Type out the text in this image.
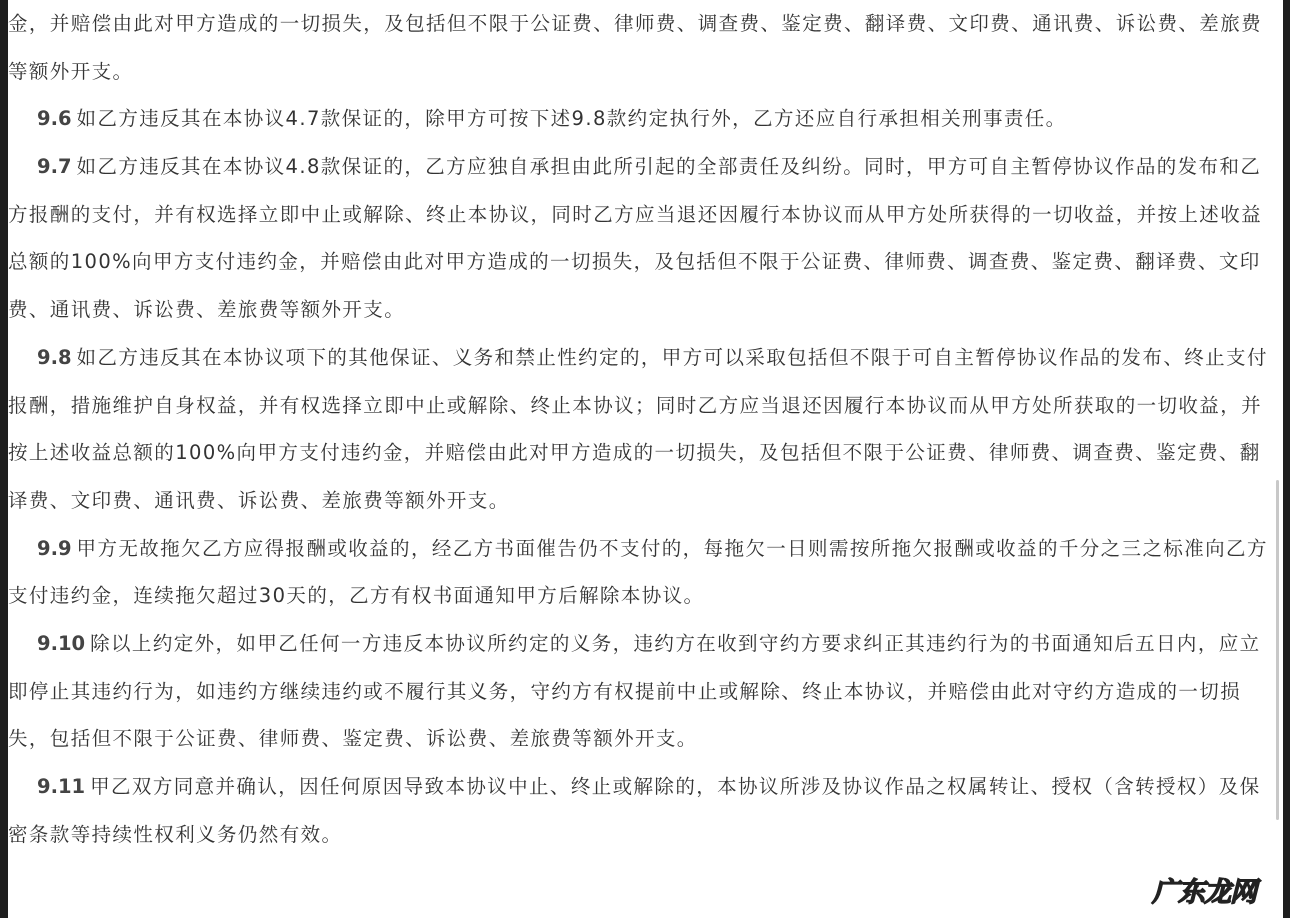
金，并赔偿由此对甲方造成的一切损失，及包括但不限于公证费、律师费、调查费、鉴定费、翻译费、文印费、通讯费、诉讼费、差旅费
等额外开支。
9.6 如乙方违反其在本协议4.7款保证的，除甲方可按下述9.8款约定执行外，乙方还应自行承担相关刑事责任。
9.7 如乙方违反其在本协议4.8款保证的，乙方应独自承担由此所引起的全部责任及纠纷。同时，甲方可自主暂停协议作品的发布和乙
方报酬的支付，并有权选择立即中止或解除、终止本协议，同时乙方应当退还因履行本协议而从甲方处所获得的一切收益，并按上述收益
总额的100%向甲方支付违约金，并赔偿由此对甲方造成的一切损失，及包括但不限于公证费、律师费、调查费、鉴定费、翻译费、文印
费、通讯费、诉讼费、差旅费等额外开支。
9.8 如乙方违反其在本协议项下的其他保证、义务和禁止性约定的，甲方可以采取包括但不限于可自主暂停协议作品的发布、终止支付
报酬，措施维护自身权益，并有权选择立即中止或解除、终止本协议；同时乙方应当退还因履行本协议而从甲方处所获取的一切收益，并
按上述收益总额的100%向甲方支付违约金，并赔偿由此对甲方造成的一切损失，及包括但不限于公证费、律师费、调查费、鉴定费、翻
译费、文印费、通讯费、诉讼费、差旅费等额外开支。
9.9 甲方无故拖欠乙方应得报酬或收益的，经乙方书面催告仍不支付的，每拖欠一日则需按所拖欠报酬或收益的千分之三之标准向乙方
支付违约金，连续拖欠超过30天的，乙方有权书面通知甲方后解除本协议。
9.10 除以上约定外，如甲乙任何一方违反本协议所约定的义务，违约方在收到守约方要求纠正其违约行为的书面通知后五日内，应立
即停止其违约行为，如违约方继续违约或不履行其义务，守约方有权提前中止或解除、终止本协议，并赔偿由此对守约方造成的一切损
失，包括但不限于公证费、律师费、鉴定费、诉讼费、差旅费等额外开支。
9.11 甲乙双方同意并确认，因任何原因导致本协议中止、终止或解除的，本协议所涉及协议作品之权属转让、授权（含转授权）及保
密条款等持续性权利义务仍然有效。
广东龙网
